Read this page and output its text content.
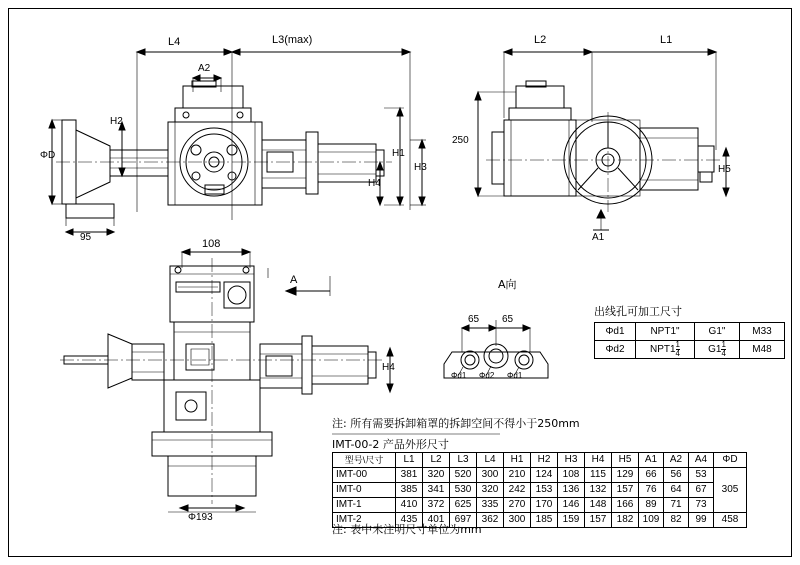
L4	L3(max)
A2
H2
H1
H4
H3
ΦD
95
L2	L1
250
H5
A1
108
A
H4
Φ193
A向
65 65
Φd1 Φd2 Φd1
出线孔可加工尺寸
Φd1	NPT1"	G1"	M33
Φd2	$NPT1 \frac{1}{4}$	$G1 \frac{1}{4}$	M48
注: 所有需要拆卸箱罩的拆卸空间不得小于250mm
IMT-00-2 产品外形尺寸
注: 表中未注明尺寸单位为mm
型号\尺寸	L1	L2	L3	L4	H1	H2	H3	H4	H5	A1	A2	A4	ΦD
IMT-00	381	320	520	300	210	124	108	115	129	66	56	53	305
IMT-0	385	341	530	320	242	153	136	132	157	76	64	67	
IMT-1	410	372	625	335	270	170	146	148	166	89	71	73	
IMT-2	435	401	697	362	300	185	159	157	182	109	82	99	458
